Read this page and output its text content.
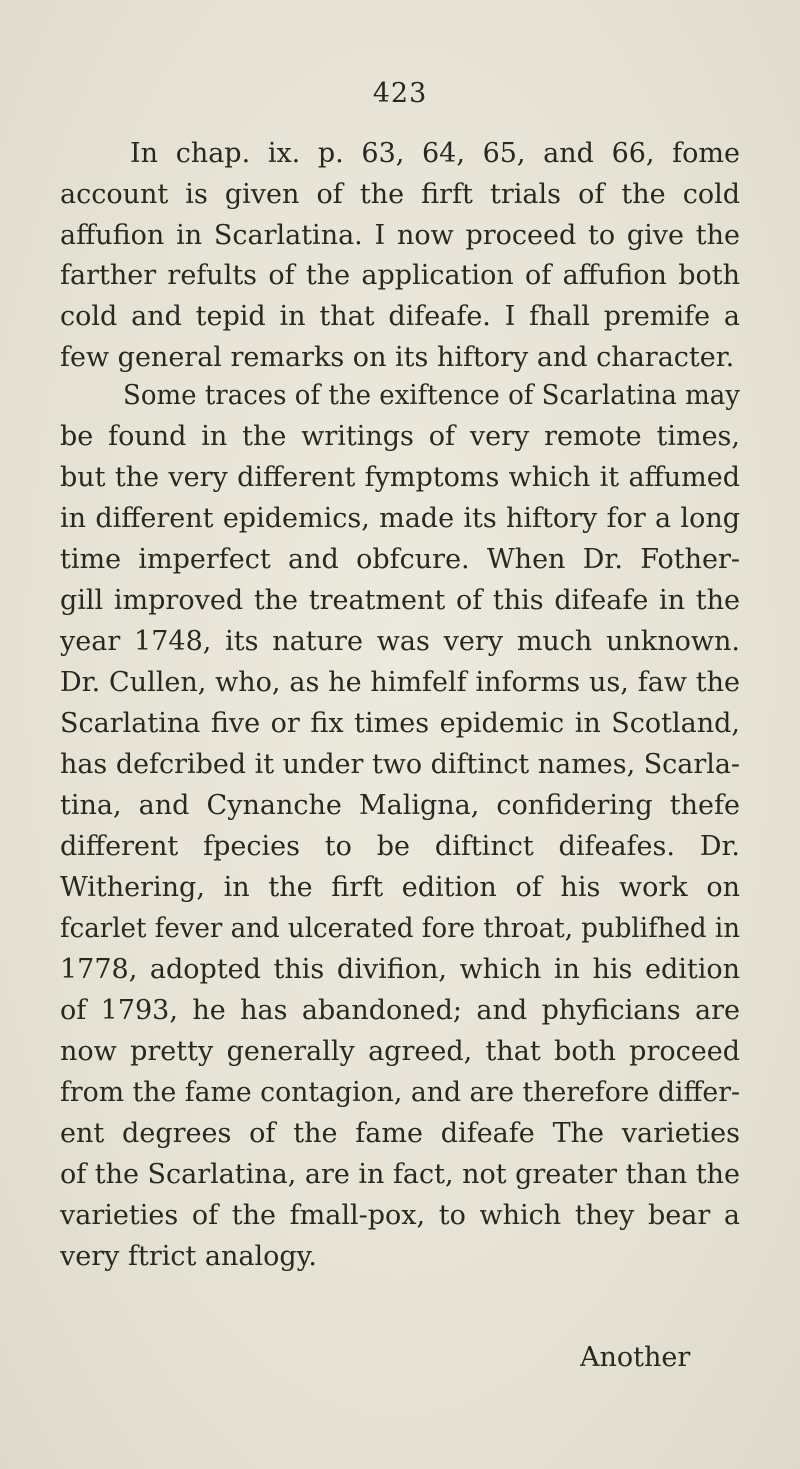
423

In chap. ix. p. 63, 64, 65, and 66, fome

account is given of the firft trials of the cold

affufion in Scarlatina. I now proceed to give the

farther refults of the application of affufion both

cold and tepid in that difeafe. I fhall premife a

few general remarks on its hiftory and character.

Some traces of the exiftence of Scarlatina may

be found in the writings of very remote times,

but the very different fymptoms which it affumed

in different epidemics, made its hiftory for a long

time imperfect and obfcure. When Dr. Fother-

gill improved the treatment of this difeafe in the

year 1748, its nature was very much unknown.

Dr. Cullen, who, as he himfelf informs us, faw the

Scarlatina five or fix times epidemic in Scotland,

has defcribed it under two diftinct names, Scarla-

tina, and Cynanche Maligna, confidering thefe

different fpecies to be diftinct difeafes. Dr.

Withering, in the firft edition of his work on

fcarlet fever and ulcerated fore throat, publifhed in

1778, adopted this divifion, which in his edition

of 1793, he has abandoned; and phyficians are

now pretty generally agreed, that both proceed

from the fame contagion, and are therefore differ-

ent degrees of the fame difeafe The varieties

of the Scarlatina, are in fact, not greater than the

varieties of the fmall-pox, to which they bear a

very ftrict analogy.

Another
